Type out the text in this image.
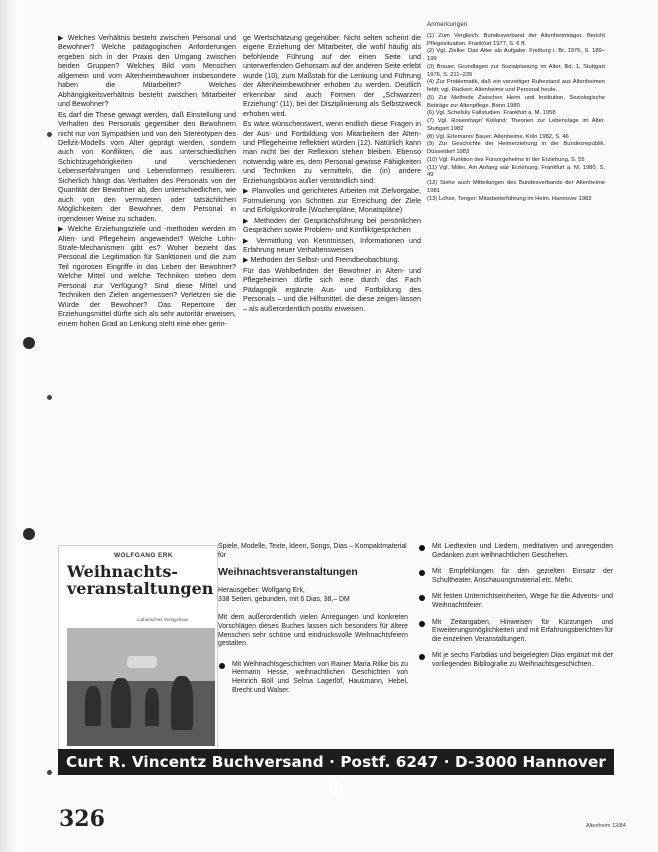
▶ Welches Verhältnis besteht zwischen Personal und Bewohner? Welche pädagogischen Anforderungen ergeben sich in der Praxis den Umgang zwischen beiden Gruppen? Welches Bild vom Menschen allgemein und vom Altenheimbewohner insbesondere haben die Mitarbeiter? Welches Abhängigkeitsverhältnis besteht zwischen Mitarbeiter und Bewohner?

Es darf die These gewagt werden, daß Einstellung und Verhalten des Personals gegenüber den Bewohnern nicht nur von Sympathien und von den Stereotypen des Defizit-Modells vom Alter geprägt werden, sondern auch von Konflikten, die aus unterschiedlichen Schichtzugehörigkeiten und verschiedenen Lebenserfahrungen und Lebensformen resultieren. Sicherlich hängt das Verhalten des Personals von der Quantität der Bewohner ab, den unterschiedlichen, wie auch von den vermuteten oder tatsächlichen Möglichkeiten der Bewohner, dem Personal in irgendeiner Weise zu schaden.

▶ Welche Erziehungsziele und -methoden werden im Alten- und Pflegeheim angewendet? Welche Lohn-Strafe-Mechanismen gibt es? Woher bezieht das Personal die Legitimation für Sanktionen und die zum Teil rigorosen Eingriffe in das Leben der Bewohner? Welche Mittel und welche Techniken stehen dem Personal zur Verfügung? Sind diese Mittel und Techniken den Zielen angemessen? Verletzen sie die Würde der Bewohner? Das Repertoire der Erziehungsmittel dürfte sich als sehr autoritär erweisen, einem hohen Grad an Lenkung steht eine eher gerin-

ge Wertschätzung gegenüber. Nicht selten scheint die eigene Erziehung der Mitarbeiter, die wohl häufig als befohlende Führung auf der einen Seite und unterwerfenden Gehorsam auf der anderen Seite erlebt wurde (10), zum Maßstab für die Lenkung und Führung der Altenheimbewohner erhoben zu werden. Deutlich erkennbar sind auch Formen der „Schwarzen Erziehung“ (11), bei der Disziplinierung als Selbstzweck erhoben wird.

Es wäre wünschenswert, wenn endlich diese Fragen in der Aus- und Fortbildung von Mitarbeitern der Alten- und Pflegeheime reflektiert würden (12). Natürlich kann man nicht bei der Reflexion stehen bleiben. Ebenso notwendig wäre es, dem Personal gewisse Fähigkeiten und Techniken zu vermitteln, die (in) andere Erziehungsbüros außer verständlich sind:

▶ Planvolles und gerichtetes Arbeiten mit Zielvorgabe, Formulierung von Schritten zur Erreichung der Ziele und Erfolgskontrolle (Wochenpläne, Monatspläne)

▶ Methoden der Gesprächsführung bei persönlichen Gesprächen sowie Problem- und Konfliktgesprächen

▶ Vermittlung von Kenntnissen, Informationen und Erfahrung neuer Verhaltensweisen

▶ Methoden der Selbst- und Fremdbeobachtung.

Für das Wohlbefinden der Bewohner in Alten- und Pflegeheimen dürfte sich eine durch das Fach Pädagogik ergänzte Aus- und Fortbildung des Personals – und die Hilfsmittel, die diese zeigen lassen – als außerordentlich positiv erweisen.

Anmerkungen

(1) Zum Vergleich: Bundesverband der Altenheimträger, Bericht Pflegesituation. Frankfurt 1977, S. 6 ff.

(2) Vgl. Zielke: Das Alter als Aufgabe. Freiburg i. Br. 1976, S. 189–199

(3) Brauer, Grundlagen zur Sozialplanung im Alter, Bd. 1. Stuttgart 1976, S. 211–225

(4) Zur Problematik, daß ein vorzeitiger Ruhestand aus Altenheimen fehlt; vgl. Rückert: Altenheime und Personal heute.

(5) Zur Methode Zwischen Heim und Institution, Soziologische Beiträge zur Altenpflege. Bonn 1980

(6) Vgl. Schelsky Fallstudien. Frankfurt a. M. 1958

(7) Vgl. Rosenmayr/ Kolland: Theorien zur Lebenslage im Alter. Stuttgart 1982

(8) Vgl. Erlemann/ Bauer: Altenheime, Köln 1982, S. 46

(9) Zur Geschichte der Heimerziehung in der Bundesrepublik. Düsseldorf 1983

(10) Vgl. Funktion des Fürsorgeheims in der Erziehung, S. 55

(11) Vgl. Miller, Am Anfang war Erziehung. Frankfurt a. M. 1980, S. 49

(12) Siehe auch Mitteilungen des Bundesverbands der Altenheime 1981

(13) Lohse, Tenger: Mitarbeiterführung im Heim. Hannover 1982

WOLFGANG ERK
Weihnachts-
veranstaltungen
Lutherisches Verlagshaus
Spiele, Modelle, Texte, Ideen, Songs, Dias – Kompaktmaterial für
Weihnachtsveranstaltungen
Herausgeber: Wolfgang Erk,
338 Seiten, gebunden, mit 6 Dias, 38,– DM
Mit dem außerordentlich vielen Anregungen und konkreten Vorschlägen dieses Buches lassen sich besonders für ältere Menschen sehr schöne und eindrucksvolle Weihnachtsfeiern gestalten.
Mit Weihnachtsgeschichten von Rainer Maria Rilke bis zu Hermann Hesse, weihnachtlichen Geschichten von Heinrich Böll und Selma Lagerlöf, Hausmann, Hebel, Brecht und Walser.
Mit Liedtexten und Liedern, meditativen und anregenden Gedanken zum weihnachtlichen Geschehen.
Mit Empfehlungen für den gezielten Einsatz der Schultheater, Anschauungsmaterial etc. Mehr.
Mit festen Unterrichtseinheiten, Wege für die Advents- und Weihnachtsfeier.
Mit Zeitangaben, Hinweisen für Kürzungen und Erweiterungsmöglichkeiten und mit Erfahrungsberichten für die einzelnen Veranstaltungen.
Mit je sechs Farbdias und beigelegten Dias ergänzt mit der vorliegenden Bibliografie zu Weihnachtsgeschichten.
Curt R. Vincentz Buchversand · Postf. 6247 · D-3000 Hannover 1
326	Altenheim 12/84
